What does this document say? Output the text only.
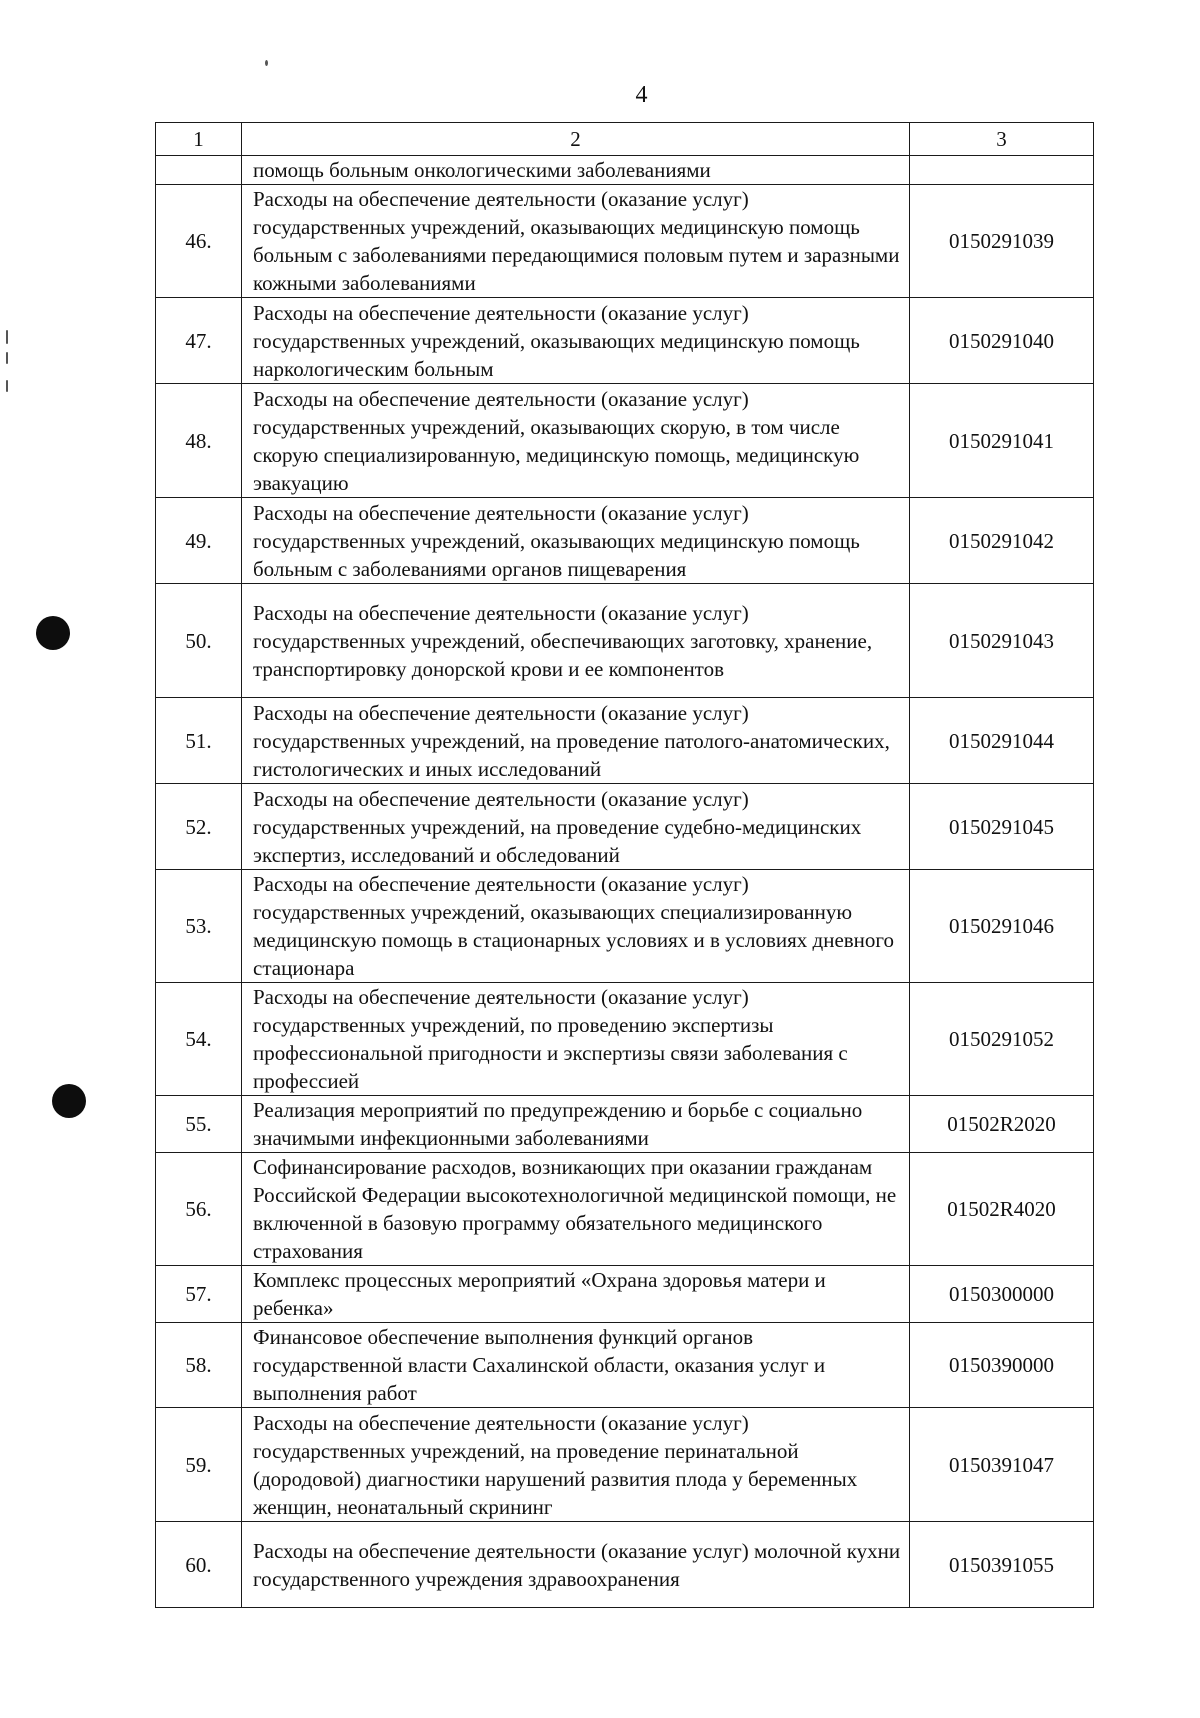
4
1	2	3
	помощь больным онкологическими заболеваниями	
46.	Расходы на обеспечение деятельности (оказание услуг) государственных учреждений, оказывающих медицинскую помощь больным с заболеваниями передающимися половым путем и заразными кожными заболеваниями	0150291039
47.	Расходы на обеспечение деятельности (оказание услуг) государственных учреждений, оказывающих медицинскую помощь наркологическим больным	0150291040
48.	Расходы на обеспечение деятельности (оказание услуг) государственных учреждений, оказывающих скорую, в том числе скорую специализированную, медицинскую помощь, медицинскую эвакуацию	0150291041
49.	Расходы на обеспечение деятельности (оказание услуг) государственных учреждений, оказывающих медицинскую помощь больным с заболеваниями органов пищеварения	0150291042
50.	Расходы на обеспечение деятельности (оказание услуг) государственных учреждений, обеспечивающих заготовку, хранение, транспортировку донорской крови и ее компонентов	0150291043
51.	Расходы на обеспечение деятельности (оказание услуг) государственных учреждений, на проведение патолого-анатомических, гистологических и иных исследований	0150291044
52.	Расходы на обеспечение деятельности (оказание услуг) государственных учреждений, на проведение судебно-медицинских экспертиз, исследований и обследований	0150291045
53.	Расходы на обеспечение деятельности (оказание услуг) государственных учреждений, оказывающих специализированную медицинскую помощь в стационарных условиях и в условиях дневного стационара	0150291046
54.	Расходы на обеспечение деятельности (оказание услуг) государственных учреждений, по проведению экспертизы профессиональной пригодности и экспертизы связи заболевания с профессией	0150291052
55.	Реализация мероприятий по предупреждению и борьбе с социально значимыми инфекционными заболеваниями	01502R2020
56.	Софинансирование расходов, возникающих при оказании гражданам Российской Федерации высокотехнологичной медицинской помощи, не включенной в базовую программу обязательного медицинского страхования	01502R4020
57.	Комплекс процессных мероприятий «Охрана здоровья матери и ребенка»	0150300000
58.	Финансовое обеспечение выполнения функций органов государственной власти Сахалинской области, оказания услуг и выполнения работ	0150390000
59.	Расходы на обеспечение деятельности (оказание услуг) государственных учреждений, на проведение перинатальной (дородовой) диагностики нарушений развития плода у беременных женщин, неонатальный скрининг	0150391047
60.	Расходы на обеспечение деятельности (оказание услуг) молочной кухни государственного учреждения здравоохранения	0150391055
